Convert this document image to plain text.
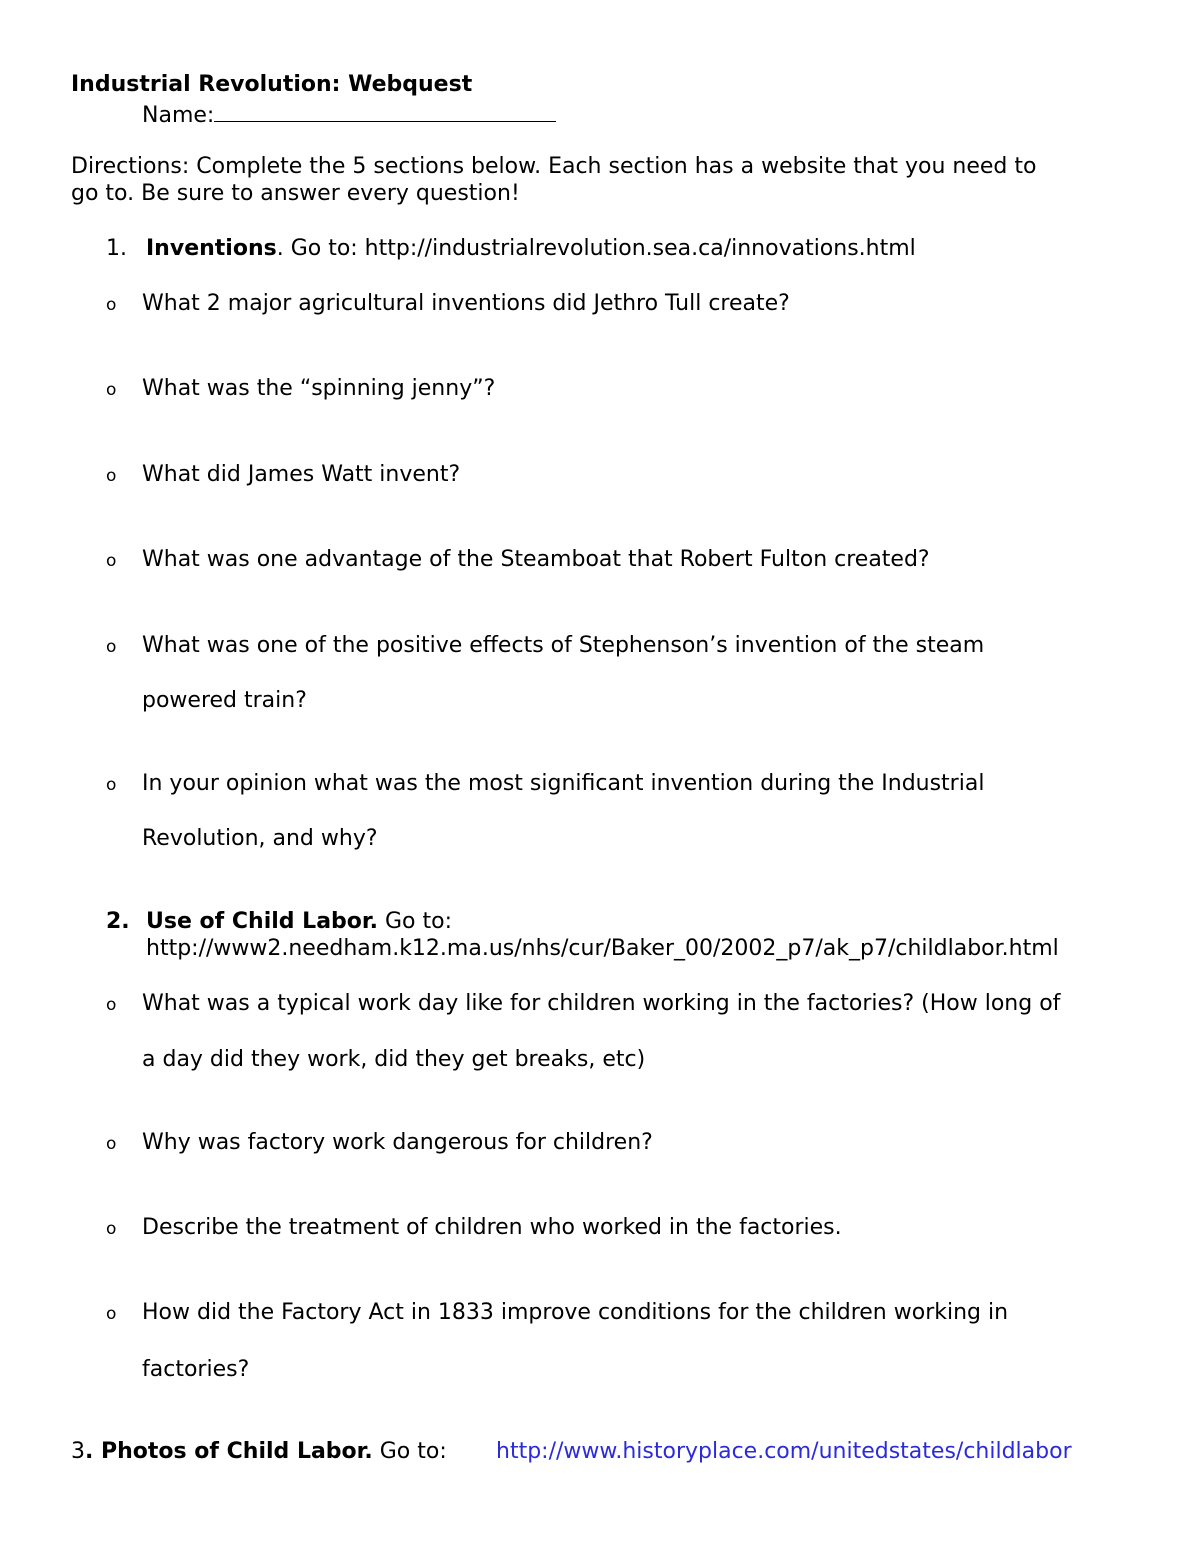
Industrial Revolution: Webquest
Name:
Directions: Complete the 5 sections below. Each section has a website that you need to
go to. Be sure to answer every question!
1. Inventions. Go to: http://industrialrevolution.sea.ca/innovations.html
o What 2 major agricultural inventions did Jethro Tull create?
o What was the “spinning jenny”?
o What did James Watt invent?
o What was one advantage of the Steamboat that Robert Fulton created?
o What was one of the positive effects of Stephenson’s invention of the steam
powered train?
o In your opinion what was the most significant invention during the Industrial
Revolution, and why?
2. Use of Child Labor. Go to:
http://www2.needham.k12.ma.us/nhs/cur/Baker_00/2002_p7/ak_p7/childlabor.html
o What was a typical work day like for children working in the factories? (How long of
a day did they work, did they get breaks, etc)
o Why was factory work dangerous for children?
o Describe the treatment of children who worked in the factories.
o How did the Factory Act in 1833 improve conditions for the children working in
factories?
3. Photos of Child Labor. Go to: http://www.historyplace.com/unitedstates/childlabor
